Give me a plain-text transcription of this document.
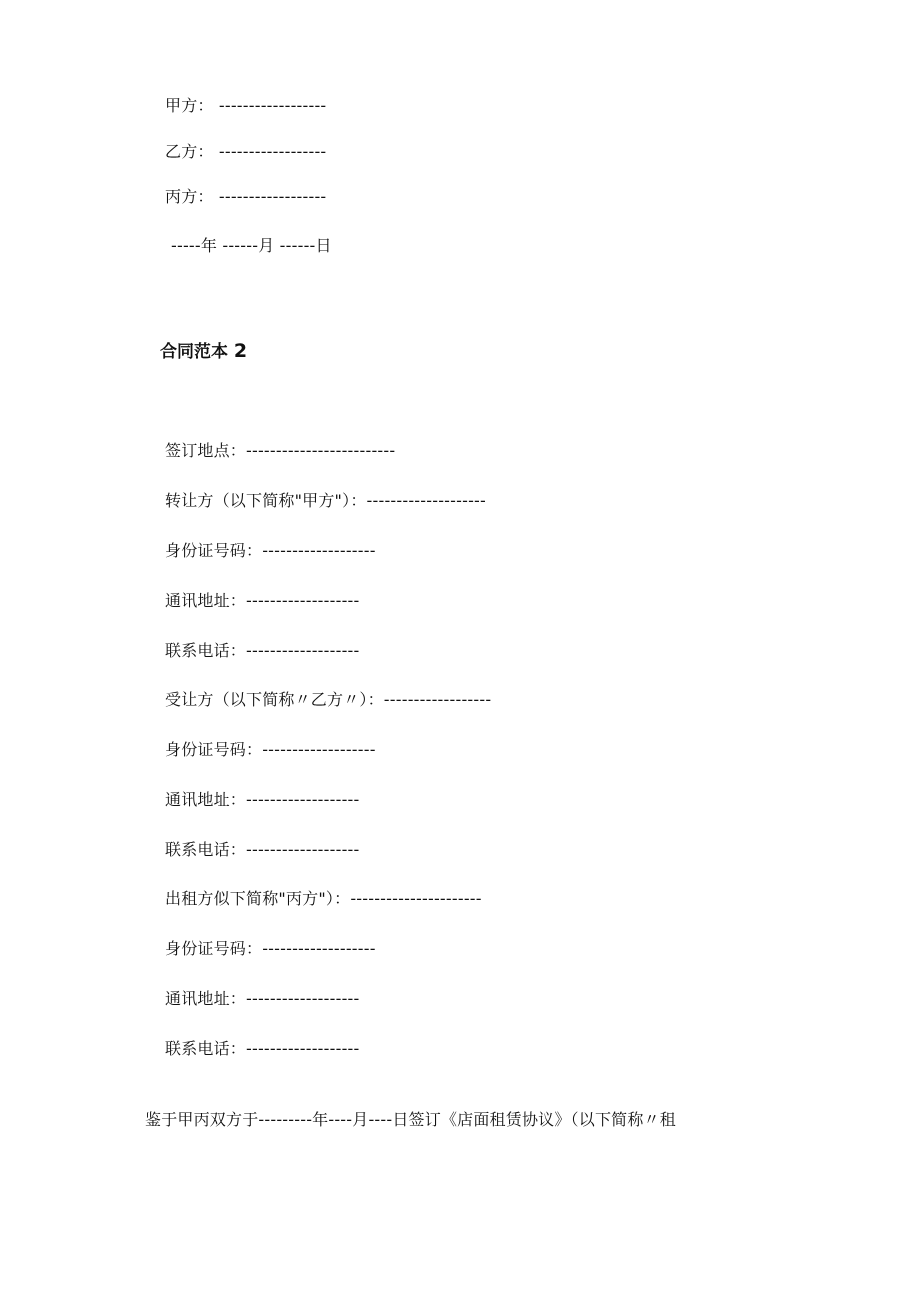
甲方： ------------------
乙方： ------------------
丙方： ------------------
-----年 ------月 ------日
合同范本 2
签订地点：-------------------------
转让方（以下简称"甲方"）：--------------------
身份证号码：-------------------
通讯地址：-------------------
联系电话：-------------------
受让方（以下简称〃乙方〃）：------------------
身份证号码：-------------------
通讯地址：-------------------
联系电话：-------------------
出租方似下简称"丙方"）：----------------------
身份证号码：-------------------
通讯地址：-------------------
联系电话：-------------------
鉴于甲丙双方于---------年----月----日签订《店面租赁协议》（以下简称〃租
